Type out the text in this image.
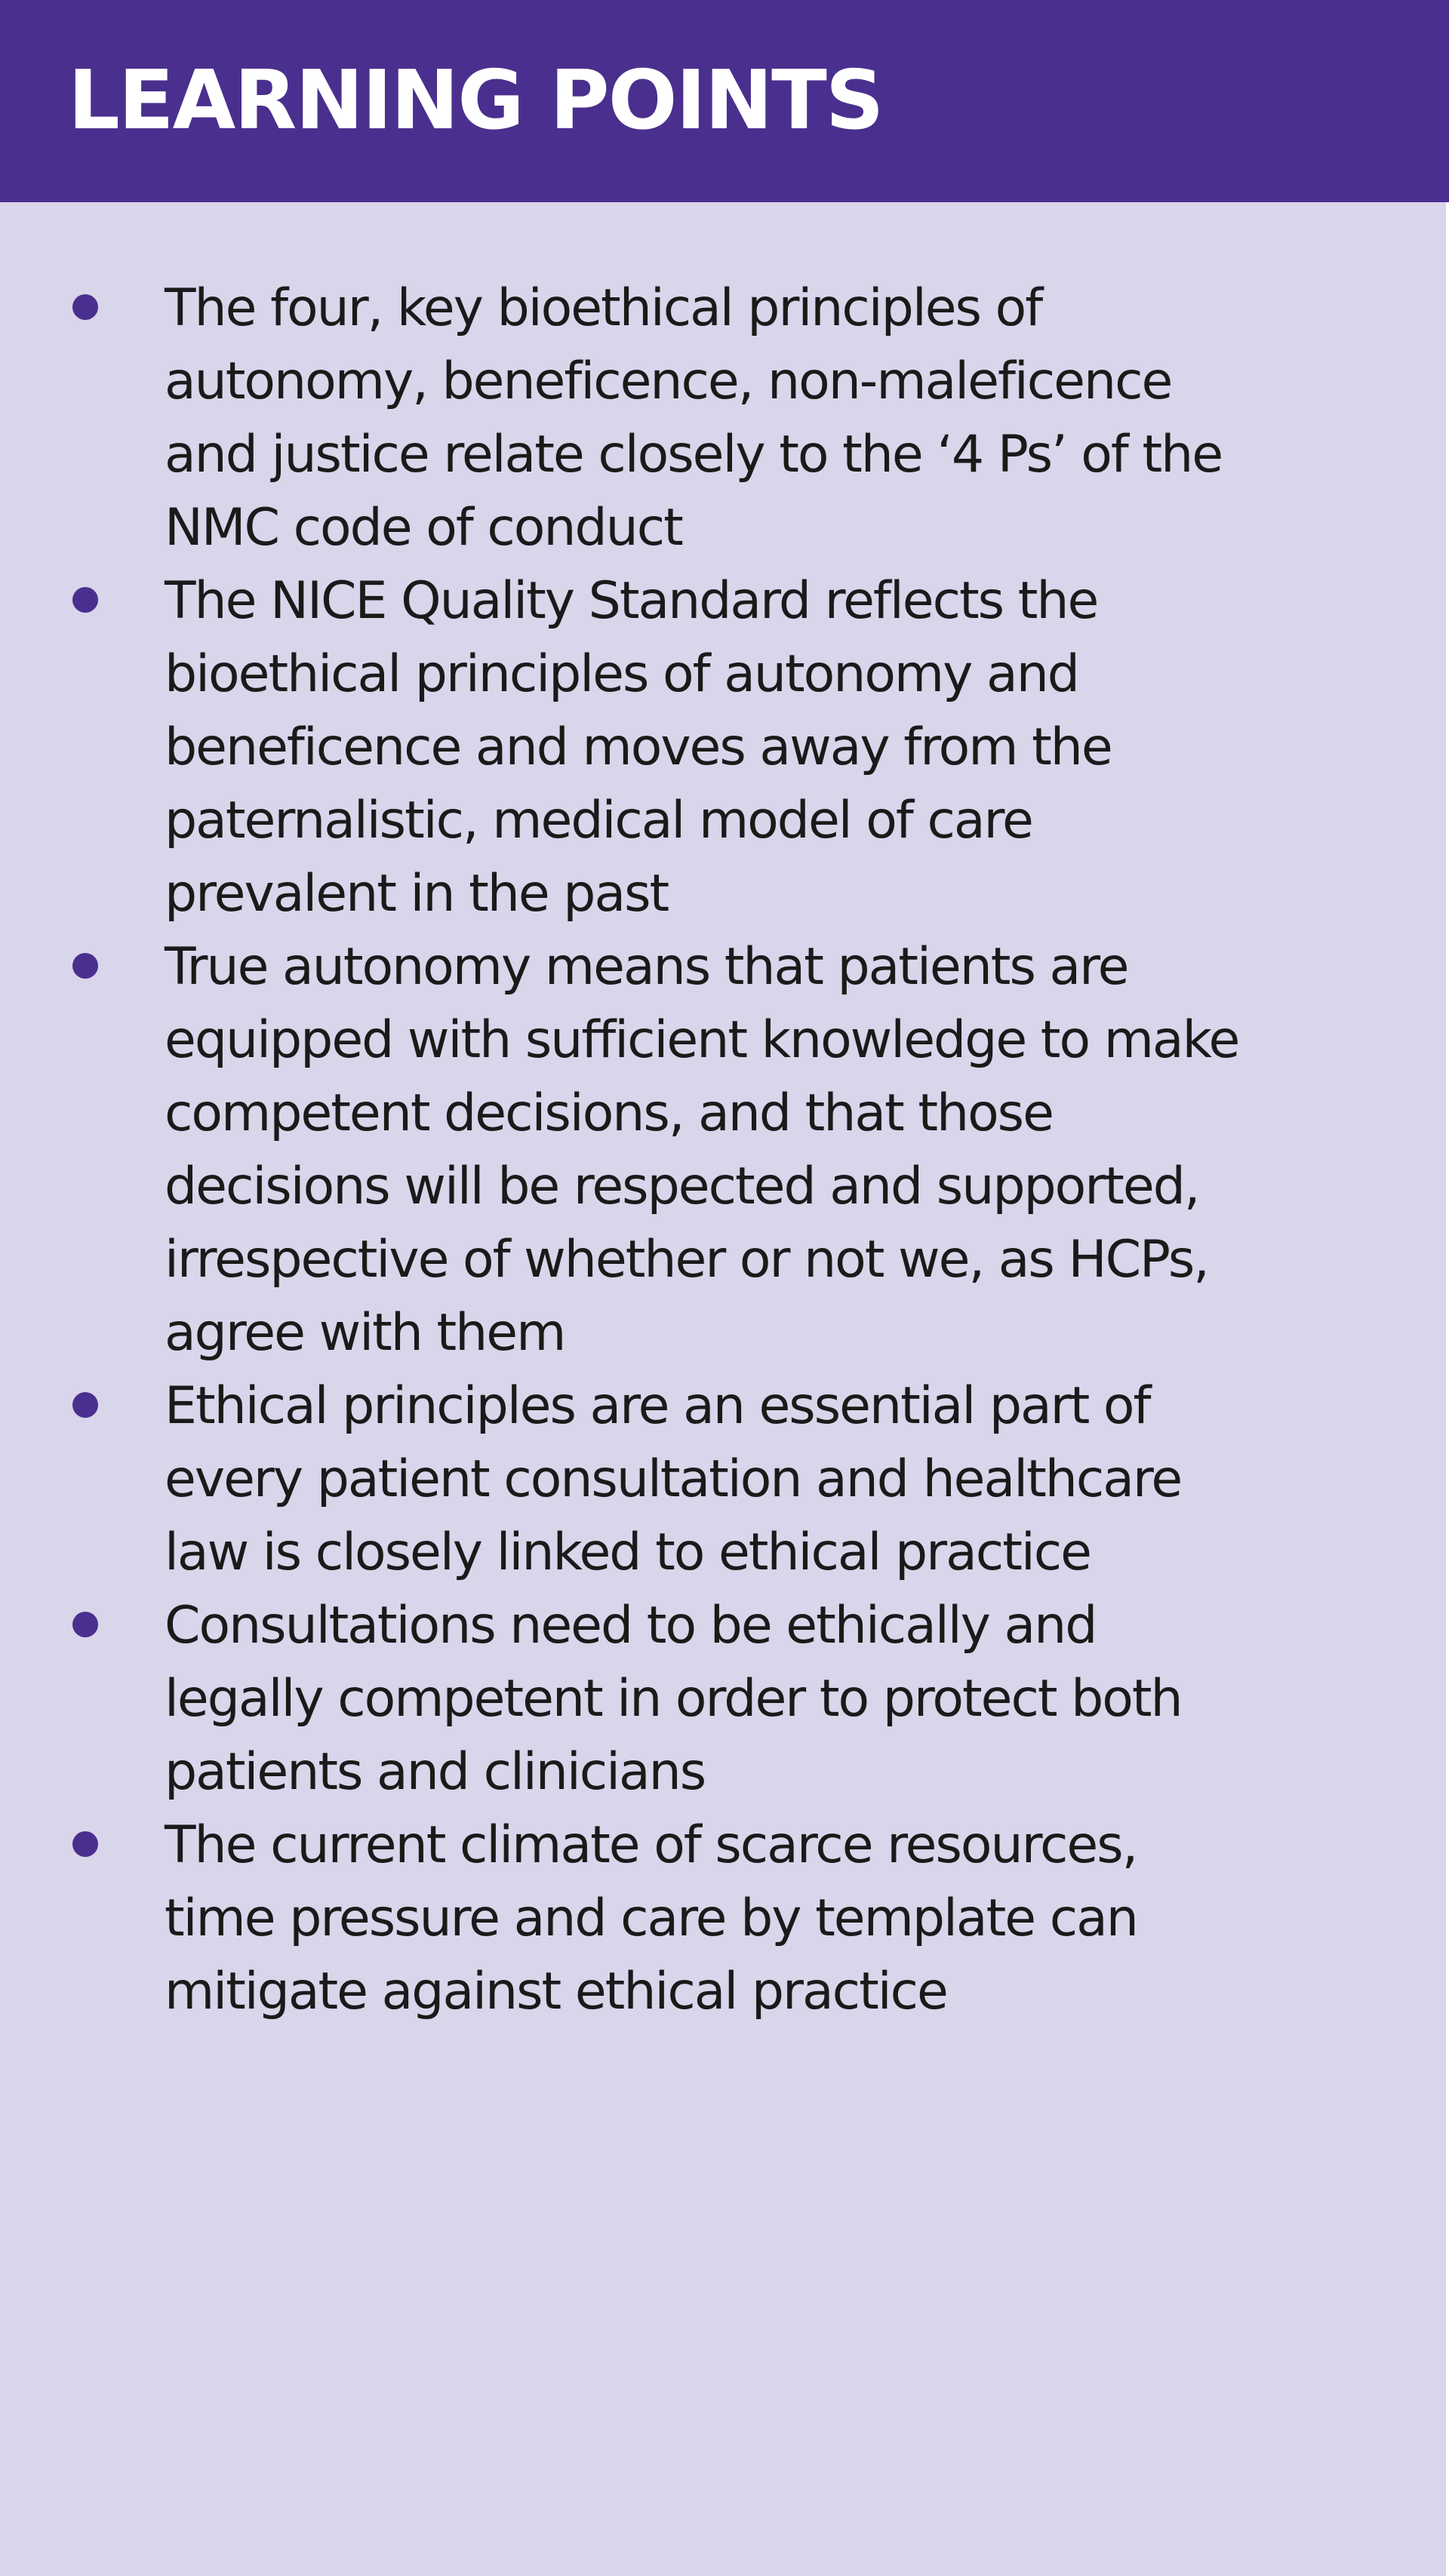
LEARNING POINTS
The four, key bioethical principles of
autonomy, beneficence, non-maleficence
and justice relate closely to the ‘4 Ps’ of the
NMC code of conduct
The NICE Quality Standard reflects the
bioethical principles of autonomy and
beneficence and moves away from the
paternalistic, medical model of care
prevalent in the past
True autonomy means that patients are
equipped with sufficient knowledge to make
competent decisions, and that those
decisions will be respected and supported,
irrespective of whether or not we, as HCPs,
agree with them
Ethical principles are an essential part of
every patient consultation and healthcare
law is closely linked to ethical practice
Consultations need to be ethically and
legally competent in order to protect both
patients and clinicians
The current climate of scarce resources,
time pressure and care by template can
mitigate against ethical practice
